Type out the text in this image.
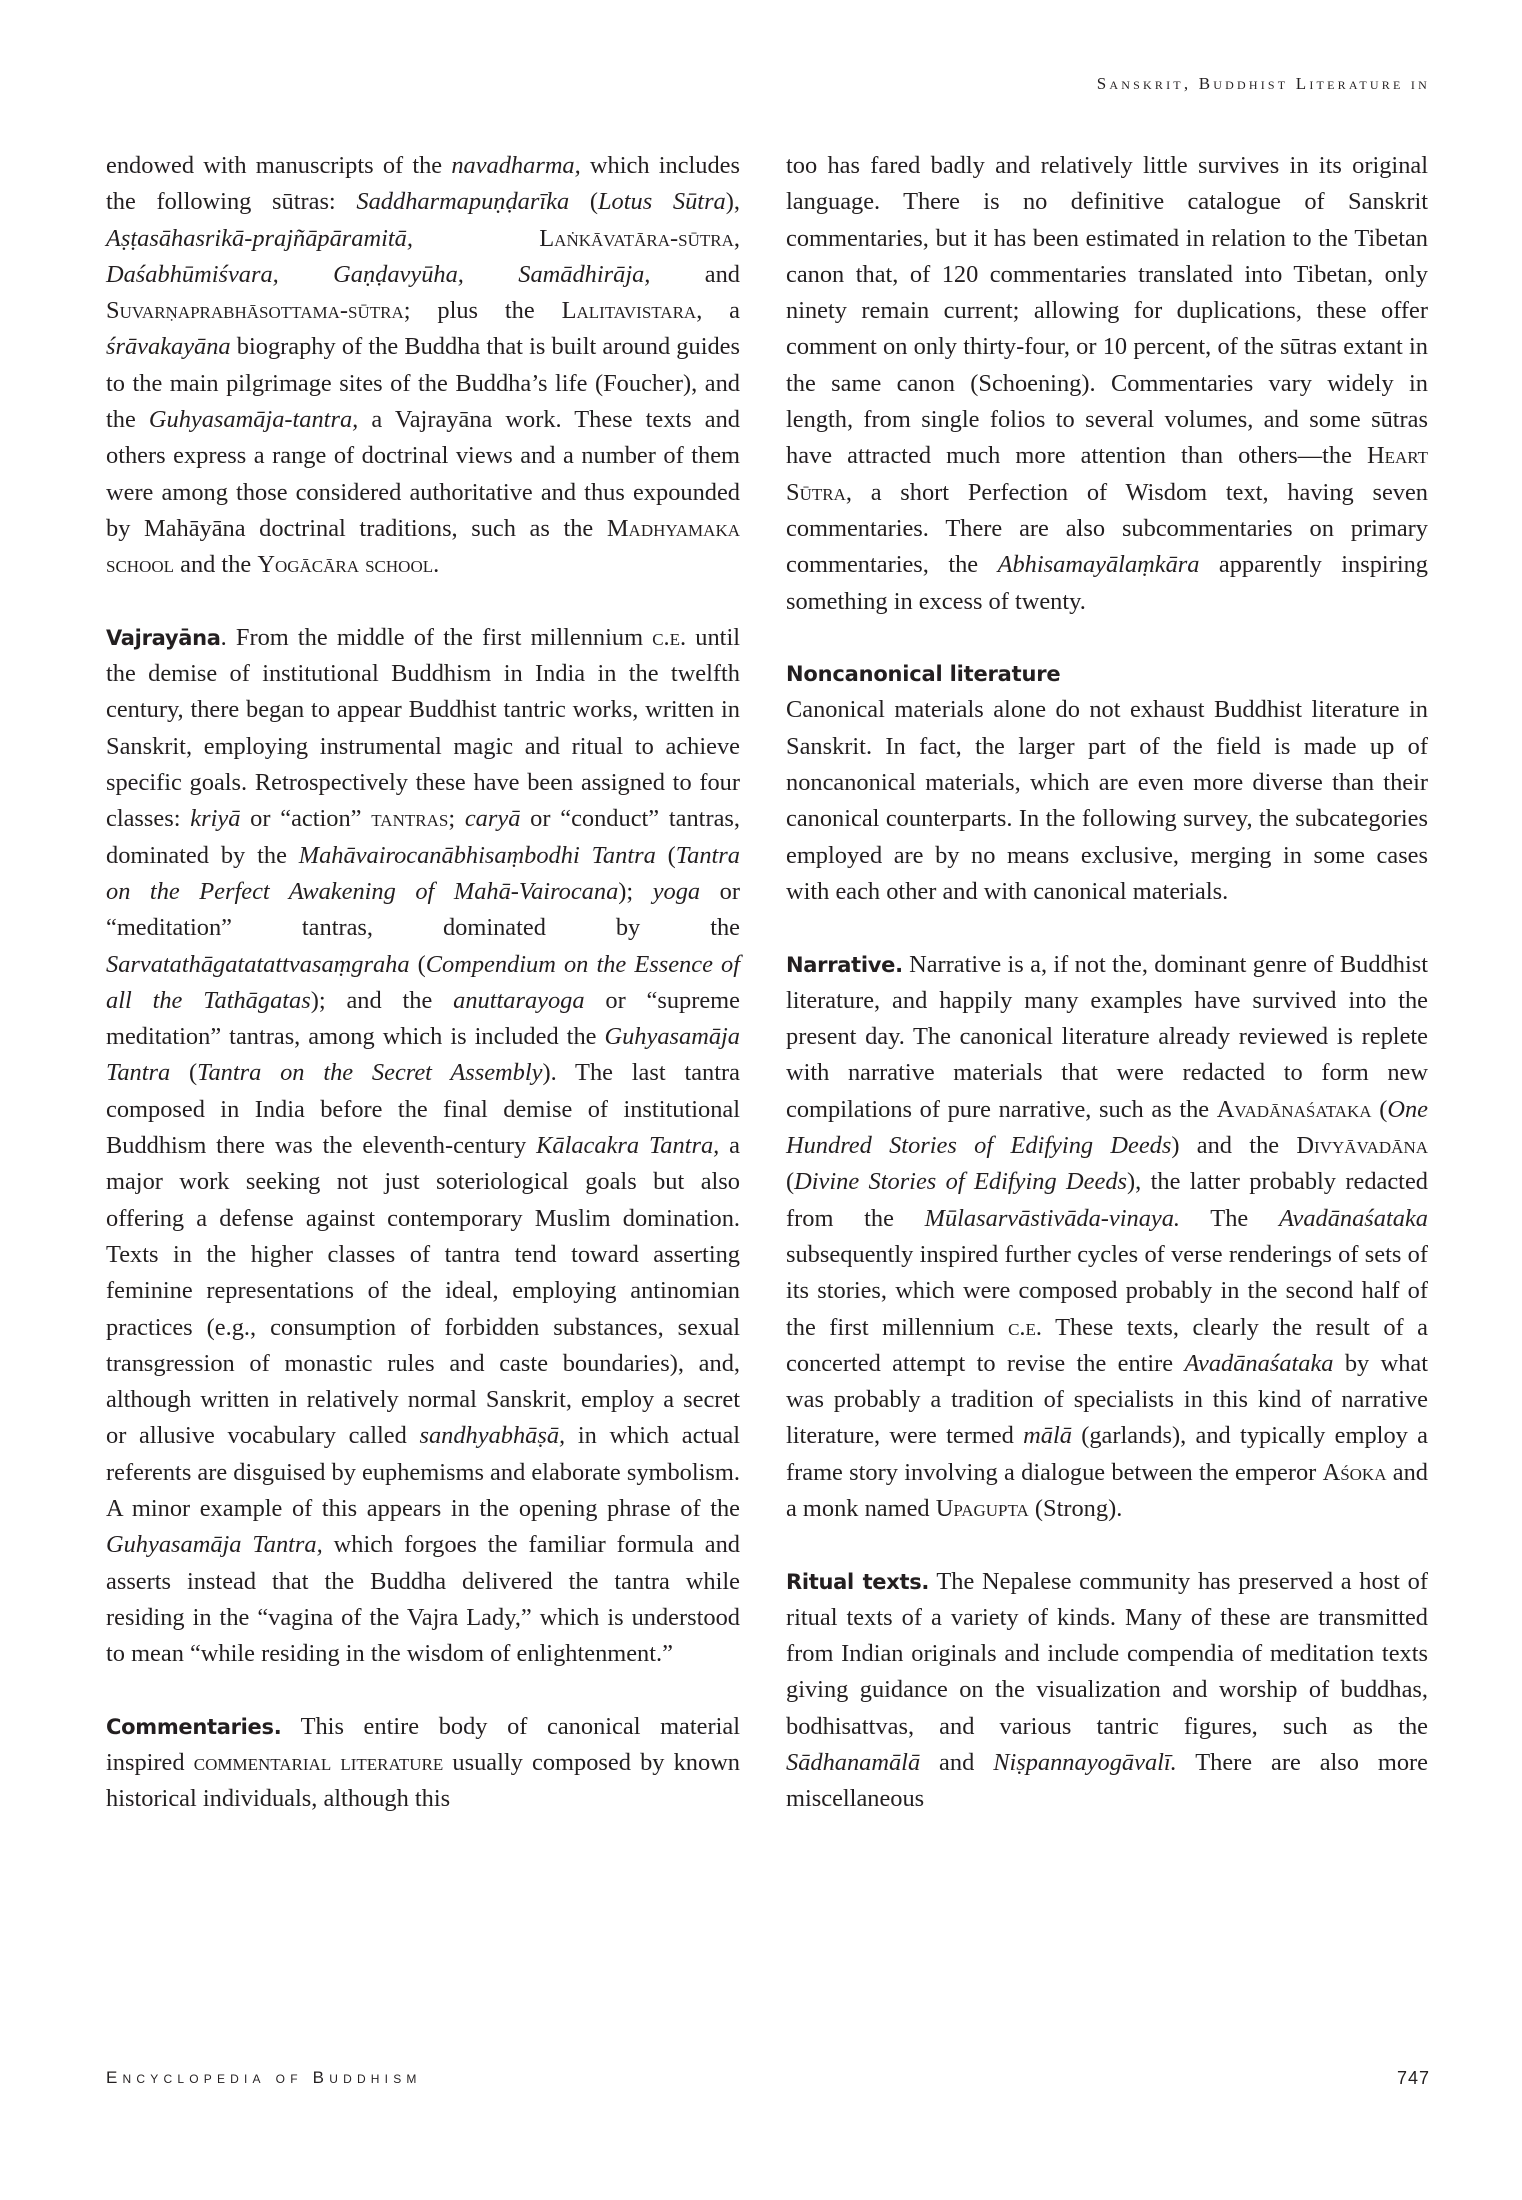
Sanskrit, Buddhist Literature in

endowed with manuscripts of the navadharma, which includes the following sūtras: Saddharmapuṇḍarīka (Lotus Sūtra), Aṣṭasāhasrikā-prajñāpāramitā, Laṅkāvatāra-sūtra, Daśabhūmiśvara, Gaṇḍavyūha, Samādhirāja, and Suvarṇaprabhāsottama-sūtra; plus the Lalitavistara, a śrāvakayāna biography of the Buddha that is built around guides to the main pilgrimage sites of the Buddha’s life (Foucher), and the Guhyasamāja-tantra, a Vajrayāna work. These texts and others express a range of doctrinal views and a number of them were among those considered authoritative and thus expounded by Mahāyāna doctrinal traditions, such as the Madhyamaka school and the Yogācāra school.

Vajrayāna. From the middle of the first millennium c.e. until the demise of institutional Buddhism in India in the twelfth century, there began to appear Buddhist tantric works, written in Sanskrit, employing instrumental magic and ritual to achieve specific goals. Retrospectively these have been assigned to four classes: kriyā or “action” tantras; caryā or “conduct” tantras, dominated by the Mahāvairocanābhisaṃbodhi Tantra (Tantra on the Perfect Awakening of Mahā-Vairocana); yoga or “meditation” tantras, dominated by the Sarvatathāgatatattvasaṃgraha (Compendium on the Essence of all the Tathāgatas); and the anuttarayoga or “supreme meditation” tantras, among which is included the Guhyasamāja Tantra (Tantra on the Secret Assembly). The last tantra composed in India before the final demise of institutional Buddhism there was the eleventh-century Kālacakra Tantra, a major work seeking not just soteriological goals but also offering a defense against contemporary Muslim domination. Texts in the higher classes of tantra tend toward asserting feminine representations of the ideal, employing antinomian practices (e.g., consumption of forbidden substances, sexual transgression of monastic rules and caste boundaries), and, although written in relatively normal Sanskrit, employ a secret or allusive vocabulary called sandhyabhāṣā, in which actual referents are disguised by euphemisms and elaborate symbolism. A minor example of this appears in the opening phrase of the Guhyasamāja Tantra, which forgoes the familiar formula and asserts instead that the Buddha delivered the tantra while residing in the “vagina of the Vajra Lady,” which is understood to mean “while residing in the wisdom of enlightenment.”

Commentaries. This entire body of canonical material inspired commentarial literature usually composed by known historical individuals, although this

too has fared badly and relatively little survives in its original language. There is no definitive catalogue of Sanskrit commentaries, but it has been estimated in relation to the Tibetan canon that, of 120 commentaries translated into Tibetan, only ninety remain current; allowing for duplications, these offer comment on only thirty-four, or 10 percent, of the sūtras extant in the same canon (Schoening). Commentaries vary widely in length, from single folios to several volumes, and some sūtras have attracted much more attention than others—the Heart Sūtra, a short Perfection of Wisdom text, having seven commentaries. There are also subcommentaries on primary commentaries, the Abhisamayālaṃkāra apparently inspiring something in excess of twenty.

Noncanonical literature

Canonical materials alone do not exhaust Buddhist literature in Sanskrit. In fact, the larger part of the field is made up of noncanonical materials, which are even more diverse than their canonical counterparts. In the following survey, the subcategories employed are by no means exclusive, merging in some cases with each other and with canonical materials.

Narrative. Narrative is a, if not the, dominant genre of Buddhist literature, and happily many examples have survived into the present day. The canonical literature already reviewed is replete with narrative materials that were redacted to form new compilations of pure narrative, such as the Avadānaśataka (One Hundred Stories of Edifying Deeds) and the Divyāvadāna (Divine Stories of Edifying Deeds), the latter probably redacted from the Mūlasarvāstivāda-vinaya. The Avadānaśataka subsequently inspired further cycles of verse renderings of sets of its stories, which were composed probably in the second half of the first millennium c.e. These texts, clearly the result of a concerted attempt to revise the entire Avadānaśataka by what was probably a tradition of specialists in this kind of narrative literature, were termed mālā (garlands), and typically employ a frame story involving a dialogue between the emperor Aśoka and a monk named Upagupta (Strong).

Ritual texts. The Nepalese community has preserved a host of ritual texts of a variety of kinds. Many of these are transmitted from Indian originals and include compendia of meditation texts giving guidance on the visualization and worship of buddhas, bodhisattvas, and various tantric figures, such as the Sādhanamālā and Niṣpannayogāvalī. There are also more miscellaneous

Encyclopedia of Buddhism	747
